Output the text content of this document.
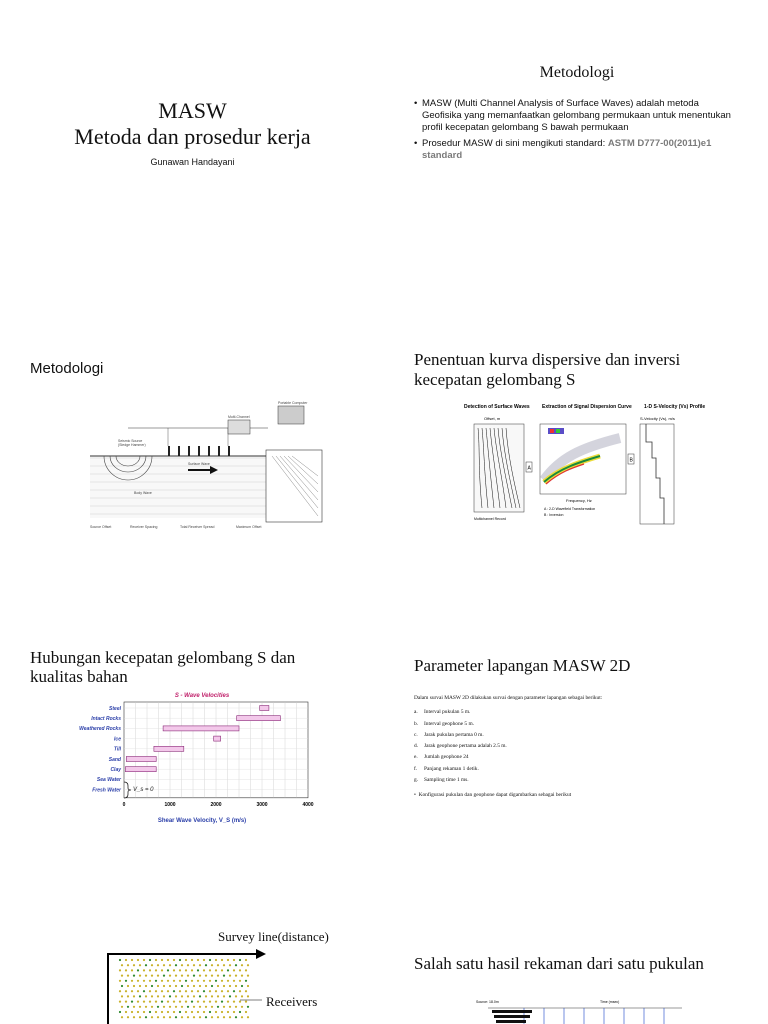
MASW
Metoda dan prosedur kerja
Gunawan Handayani
Metodologi
• MASW (Multi Channel Analysis of Surface Waves) adalah metoda Geofisika yang memanfaatkan gelombang permukaan untuk menentukan profil kecepatan gelombang S bawah permukaan
• Prosedur MASW di sini mengikuti standard: ASTM D777-00(2011)e1 standard
Metodologi
Source Offset	Receiver Spacing	Total Receiver Spread	Maximum Offset
Seismic Source
(Sledge Hammer)
Body Wave
Surface Wave
Multi-Channel
Portable Computer
Penentuan kurva dispersive dan inversi kecepatan gelombang S
Detection of Surface Waves Extraction of Signal Dispersion Curve 1-D S-Velocity (Vs) Profile
Offset, m
Multichannel Record
A
Frequency, Hz
A : 2-D Wavefield Transformation
B : Inversion
B
S-Velocity (Vs), m/s
Hubungan kecepatan gelombang S dan kualitas bahan
S - Wave Velocities
Steel
Intact Rocks
Weathered Rocks
Ice
Till
Sand
Clay
Sea Water
Fresh Water
0	1000	2000	3000	4000
Shear Wave Velocity, V_S (m/s)
V_s = 0
Parameter lapangan MASW 2D

Dalam survai MASW 2D dilakukan survai dengan parameter lapangan sebagai berikut:

a.	Interval pukulan 5 m.
b.	Interval geophone 5 m.
c.	Jarak pukulan pertama 0 m.
d.	Jarak geophone pertama adalah 2.5 m.
e.	Jumlah geophone 24
f.	Panjang rekaman 1 detik.
g.	Sampling time 1 ms.
•  Konfigurasi pukulan dan geophone dapat digambarkan sebagai berikut
Survey line(distance)
Receivers
Salah satu hasil rekaman dari satu pukulan
Source: 18.0m	Time (msec)
